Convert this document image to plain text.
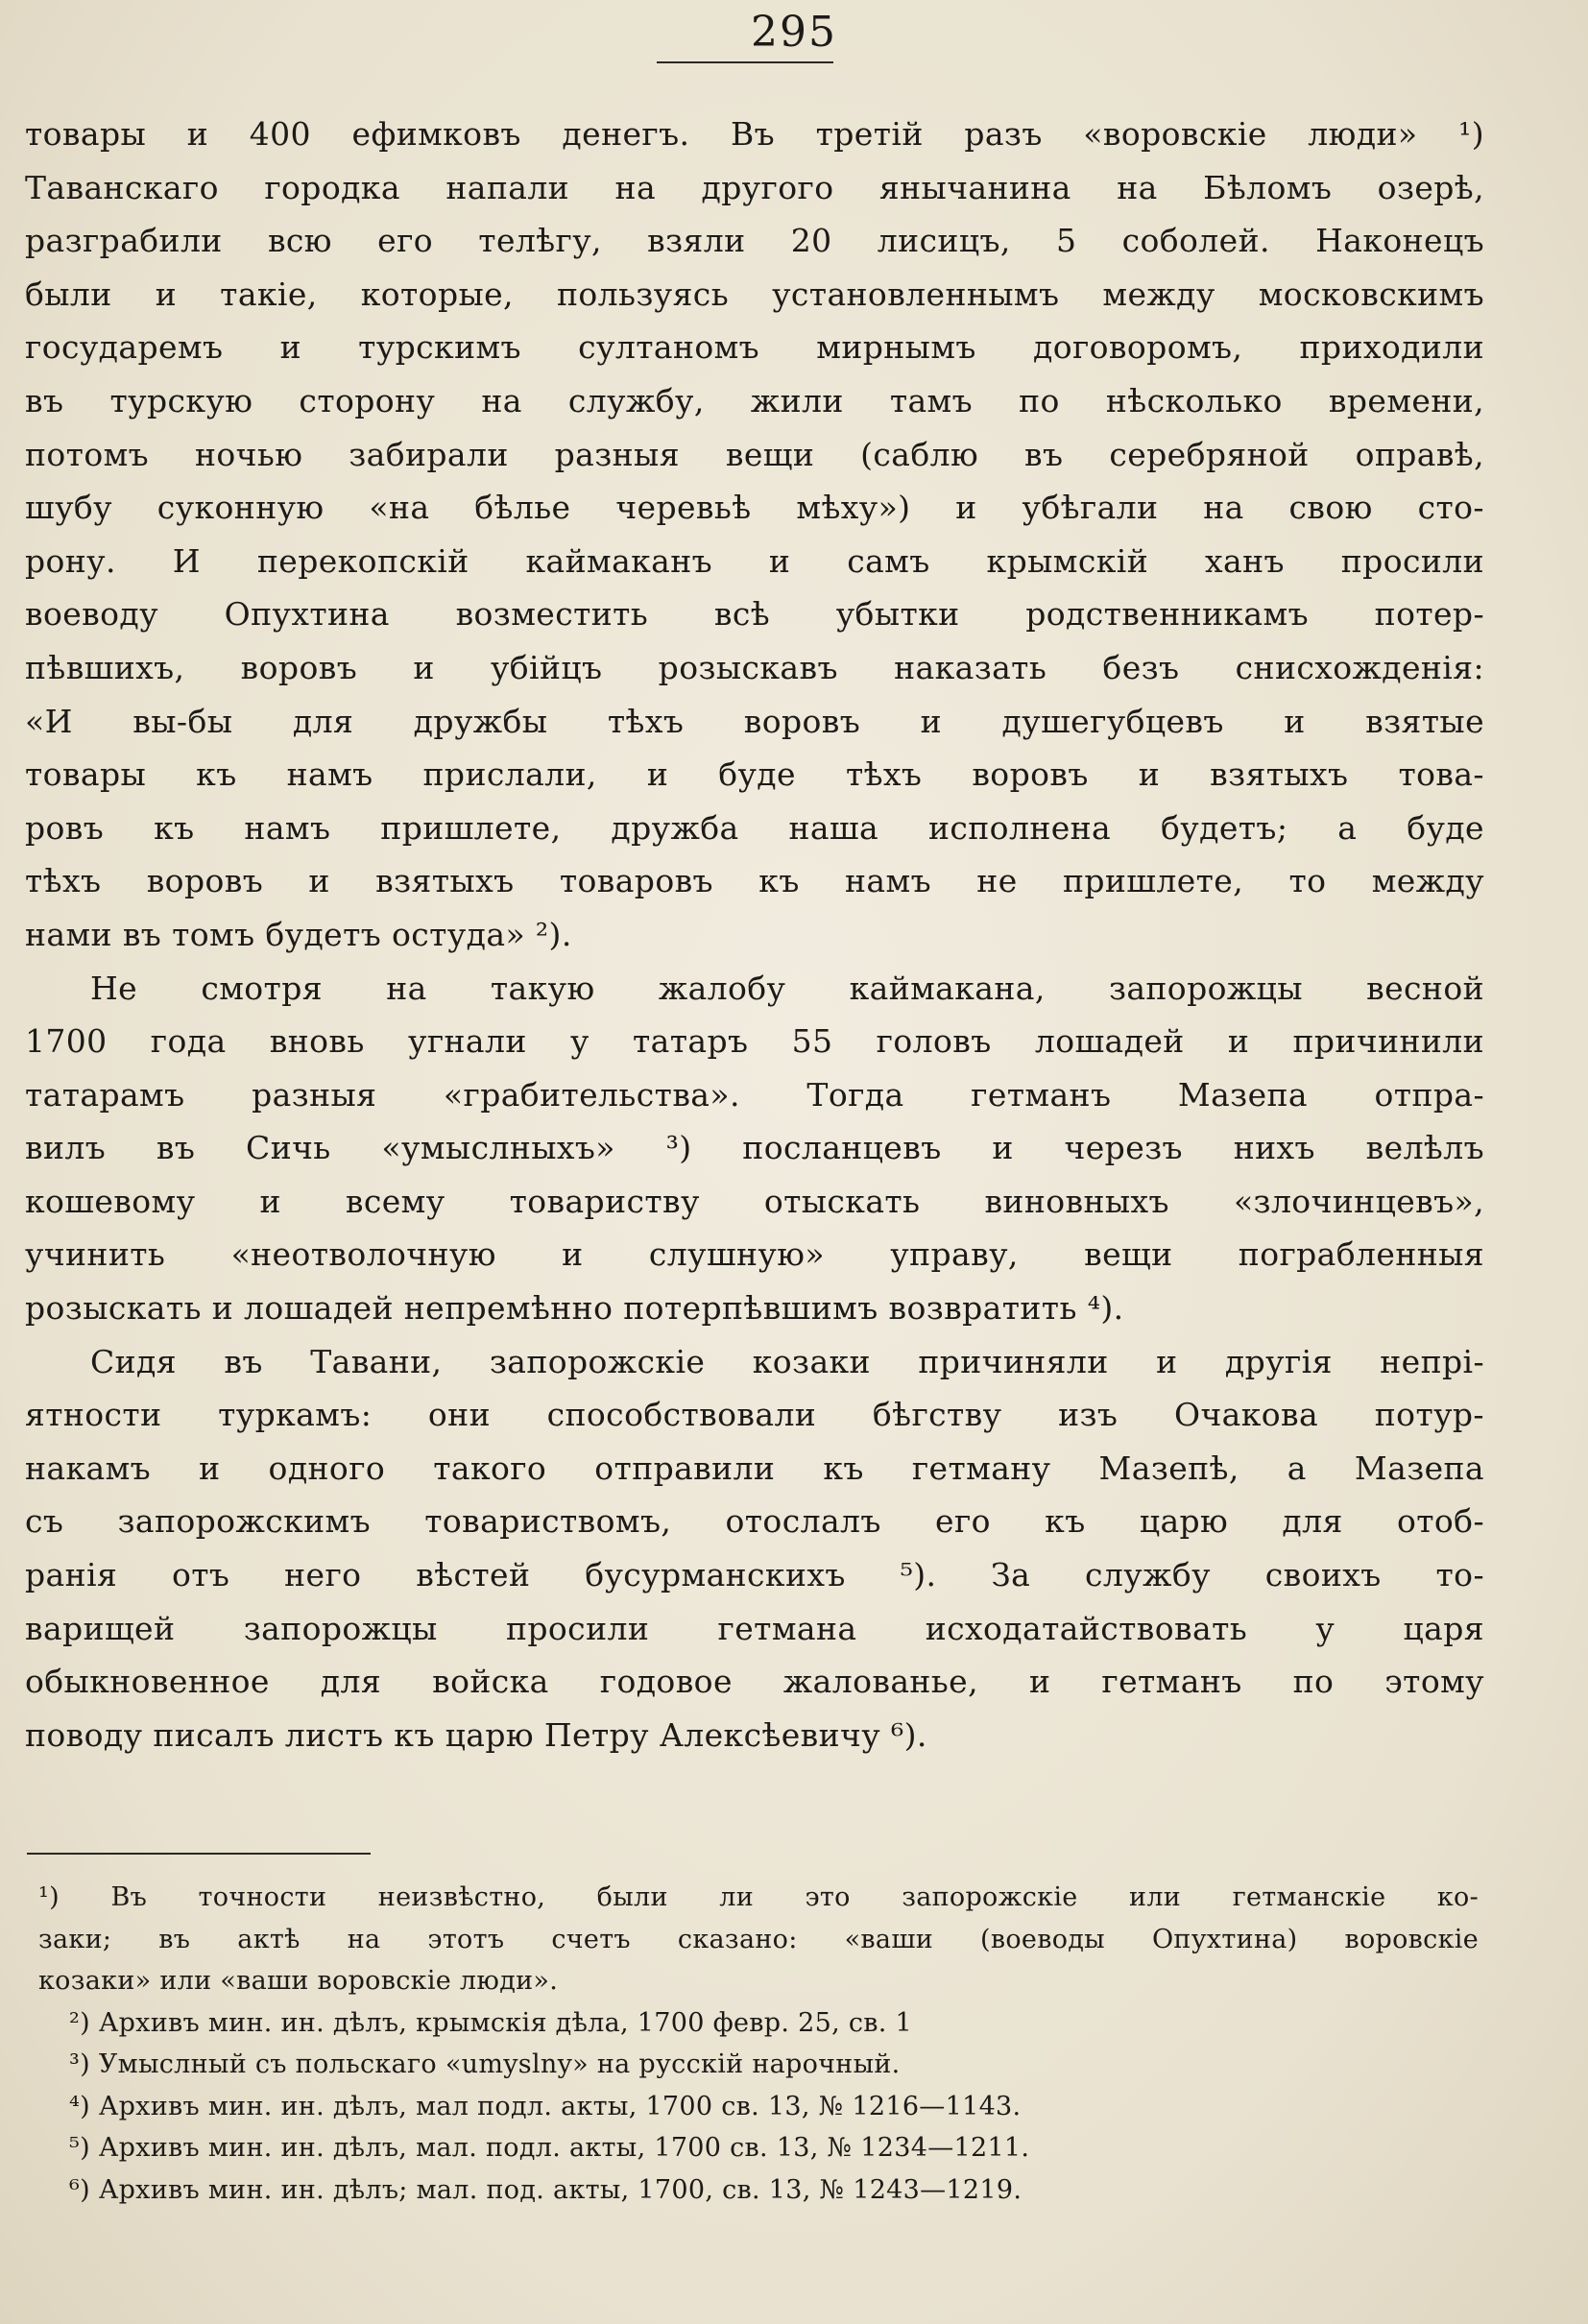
295
товары и 400 ефимковъ денегъ. Въ третій разъ «воровскіе люди» ¹)
Таванскаго городка напали на другого янычанина на Бѣломъ озерѣ,
разграбили всю его телѣгу, взяли 20 лисицъ, 5 соболей. Наконецъ
были и такіе, которые, пользуясь установленнымъ между московскимъ
государемъ и турскимъ султаномъ мирнымъ договоромъ, приходили
въ турскую сторону на службу, жили тамъ по нѣсколько времени,
потомъ ночью забирали разныя вещи (саблю въ серебряной оправѣ,
шубу суконную «на бѣлье черевьѣ мѣху») и убѣгали на свою сто-
рону. И перекопскій каймаканъ и самъ крымскій ханъ просили
воеводу Опухтина возместить всѣ убытки родственникамъ потер-
пѣвшихъ, воровъ и убійцъ розыскавъ наказать безъ снисхожденія:
«И вы-бы для дружбы тѣхъ воровъ и душегубцевъ и взятые
товары къ намъ прислали, и буде тѣхъ воровъ и взятыхъ това-
ровъ къ намъ пришлете, дружба наша исполнена будетъ; а буде
тѣхъ воровъ и взятыхъ товаровъ къ намъ не пришлете, то между
нами въ томъ будетъ остуда» ²).
Не смотря на такую жалобу каймакана, запорожцы весной
1700 года вновь угнали у татаръ 55 головъ лошадей и причинили
татарамъ разныя «грабительства». Тогда гетманъ Мазепа отпра-
вилъ въ Сичь «умыслныхъ» ³) посланцевъ и черезъ нихъ велѣлъ
кошевому и всему товариству отыскать виновныхъ «злочинцевъ»,
учинить «неотволочную и слушную» управу, вещи пограбленныя
розыскать и лошадей непремѣнно потерпѣвшимъ возвратить ⁴).
Сидя въ Тавани, запорожскіе козаки причиняли и другія непрі-
ятности туркамъ: они способствовали бѣгству изъ Очакова потур-
накамъ и одного такого отправили къ гетману Мазепѣ, а Мазепа
съ запорожскимъ товариствомъ, отослалъ его къ царю для отоб-
ранія отъ него вѣстей бусурманскихъ ⁵). За службу своихъ то-
варищей запорожцы просили гетмана исходатайствовать у царя
обыкновенное для войска годовое жалованье, и гетманъ по этому
поводу писалъ листъ къ царю Петру Алексѣевичу ⁶).
¹) Въ точности неизвѣстно, были ли это запорожскіе или гетманскіе ко-
заки; въ актѣ на этотъ счетъ сказано: «ваши (воеводы Опухтина) воровскіе
козаки» или «ваши воровскіе люди».
²) Архивъ мин. ин. дѣлъ, крымскія дѣла, 1700 февр. 25, св. 1
³) Умыслный съ польскаго «umyslny» на русскій нарочный.
⁴) Архивъ мин. ин. дѣлъ, мал подл. акты, 1700 св. 13, № 1216—1143.
⁵) Архивъ мин. ин. дѣлъ, мал. подл. акты, 1700 св. 13, № 1234—1211.
⁶) Архивъ мин. ин. дѣлъ; мал. под. акты, 1700, св. 13, № 1243—1219.
